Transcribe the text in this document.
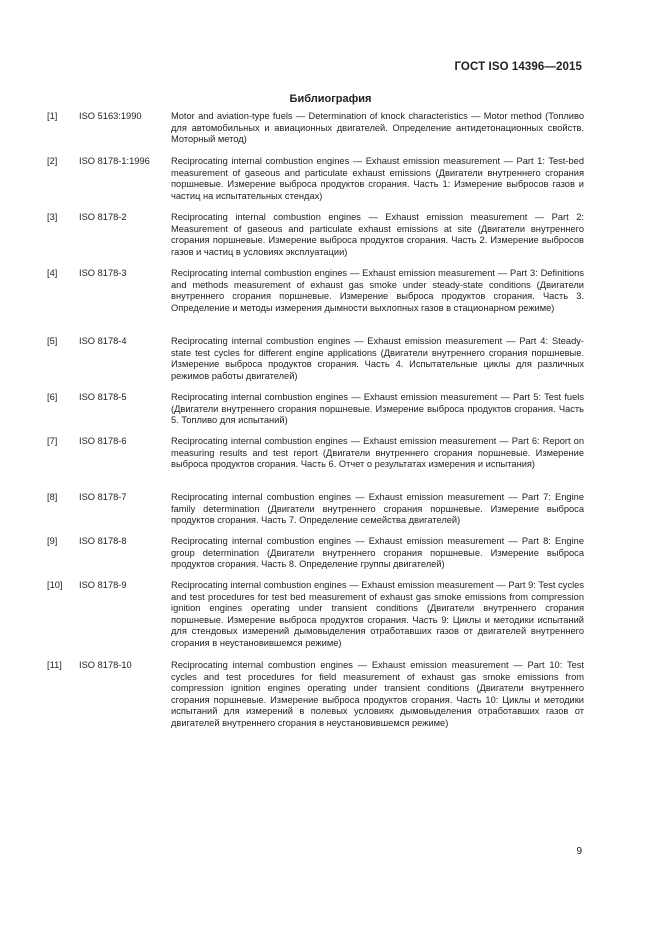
ГОСТ ISO 14396—2015
Библиография
[1] ISO 5163:1990	Motor and aviation-type fuels — Determination of knock characteristics — Motor method (Топливо для автомобильных и авиационных двигателей. Определение антидетонационных свойств. Моторный метод)
[2] ISO 8178-1:1996 Reciprocating internal combustion engines — Exhaust emission measurement — Part 1: Test-bed measurement of gaseous and particulate exhaust emissions (Двигатели внутреннего сгорания поршневые. Измерение выброса продуктов сгорания. Часть 1: Измерение выбросов газов и частиц на испытательных стендах)
[3] ISO 8178-2	Reciprocating internal combustion engines — Exhaust emission measurement — Part 2: Measurement of gaseous and particulate exhaust emissions at site (Двигатели внутреннего сгорания поршневые. Измерение выброса продуктов сгорания. Часть 2. Измерение выбросов газов и частиц в условиях эксплуатации)
[4] ISO 8178-3	Reciprocating internal combustion engines — Exhaust emission measurement — Part 3: Definitions and methods measurement of exhaust gas smoke under steady-state conditions (Двигатели внутреннего сгорания поршневые. Измерение выброса продуктов сгорания. Часть 3. Определение и методы измерения дымности выхлопных газов в стационарном режиме)
[5] ISO 8178-4	Reciprocating internal combustion engines — Exhaust emission measurement — Part 4: Steady-state test cycles for different engine applications (Двигатели внутреннего сгорания поршневые. Измерение выброса продуктов сгорания. Часть 4. Испытательные циклы для различных режимов работы двигателей)
[6] ISO 8178-5	Reciprocating internal combustion engines — Exhaust emission measurement — Part 5: Test fuels (Двигатели внутреннего сгорания поршневые. Измерение выброса продуктов сгорания. Часть 5. Топливо для испытаний)
[7] ISO 8178-6	Reciprocating internal combustion engines — Exhaust emission measurement — Part 6: Report on measuring results and test report (Двигатели внутреннего сгорания поршневые. Измерение выброса продуктов сгорания. Часть 6. Отчет о результатах измерения и испытания)
[8] ISO 8178-7	Reciprocating internal combustion engines — Exhaust emission measurement — Part 7: Engine family determination (Двигатели внутреннего сгорания поршневые. Измерение выброса продуктов сгорания. Часть 7. Определение семейства двигателей)
[9] ISO 8178-8	Reciprocating internal combustion engines — Exhaust emission measurement — Part 8: Engine group determination (Двигатели внутреннего сгорания поршневые. Измерение выброса продуктов сгорания. Часть 8. Определение группы двигателей)
[10] ISO 8178-9	Reciprocating internal combustion engines — Exhaust emission measurement — Part 9: Test cycles and test procedures for test bed measurement of exhaust gas smoke emissions from compression ignition engines operating under transient conditions (Двигатели внутреннего сгорания поршневые. Измерение выброса продуктов сгорания. Часть 9: Циклы и методики испытаний для стендовых измерений дымовыделения отработавших газов от двигателей внутреннего сгорания в неустановившемся режиме)
[11] ISO 8178-10	Reciprocating internal combustion engines — Exhaust emission measurement — Part 10: Test cycles and test procedures for field measurement of exhaust gas smoke emissions from compression ignition engines operating under transient conditions (Двигатели внутреннего сгорания поршневые. Измерение выброса продуктов сгорания. Часть 10: Циклы и методики испытаний для измерений в полевых условиях дымовыделения отработавших газов от двигателей внутреннего сгорания в неустановившемся режиме)
9
